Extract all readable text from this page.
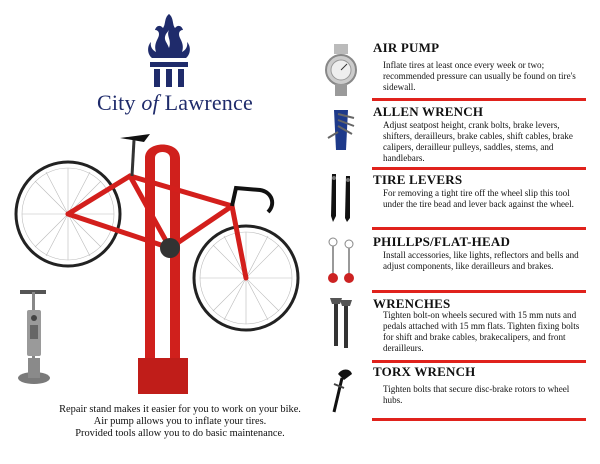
City of Lawrence
Repair stand makes it easier for you to work on your bike.
Air pump allows you to inflate your tires.
Provided tools allow you to do basic maintenance.
AIR PUMP
Inflate tires at least once every week or two; recommended pressure can usually be found on tire's sidewall.
ALLEN WRENCH
Adjust seatpost height, crank bolts, brake levers, shifters, derailleurs, brake cables, shift cables, brake calipers, derailleur pulleys, saddles, stems, and handlebars.
TIRE LEVERS
For removing a tight tire off the wheel slip this tool under the tire bead and lever back against the wheel.
PHILLPS/FLAT-HEAD
Install accessories, like lights, reflectors and bells and adjust components, like derailleurs and brakes.
WRENCHES
Tighten bolt-on wheels secured with 15 mm nuts and pedals attached with 15 mm flats. Tighten fixing bolts for shift and brake cables, brakecalipers, and front derailleurs.
TORX WRENCH
Tighten bolts that secure disc-brake rotors to wheel hubs.
